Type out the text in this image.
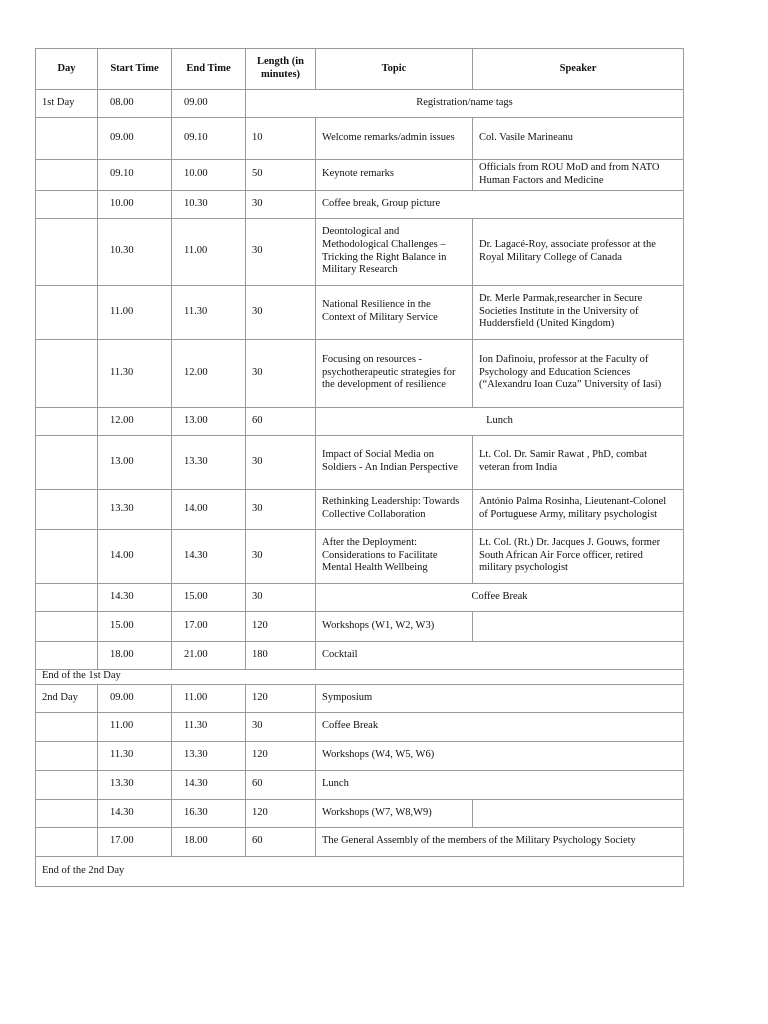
Day	Start Time	End Time	Length (in minutes)	Topic	Speaker
1st Day	08.00	09.00	Registration/name tags		
	09.00	09.10	10	Welcome remarks/admin issues	Col. Vasile Marineanu
	09.10	10.00	50	Keynote remarks	Officials from ROU MoD and from NATO Human Factors and Medicine
	10.00	10.30	30	Coffee break, Group picture	
	10.30	11.00	30	Deontological and Methodological Challenges – Tricking the Right Balance in Military Research	Dr. Lagacé-Roy, associate professor at the Royal Military College of Canada
	11.00	11.30	30	National Resilience in the Context of Military Service	Dr. Merle Parmak,researcher in Secure Societies Institute in the University of Huddersfield (United Kingdom)
	11.30	12.00	30	Focusing on resources - psychotherapeutic strategies for the development of resilience	Ion Dafinoiu, professor at the Faculty of Psychology and Education Sciences (“Alexandru Ioan Cuza” University of Iasi)
	12.00	13.00	60	Lunch	
	13.00	13.30	30	Impact of Social Media on Soldiers - An Indian Perspective	Lt. Col. Dr. Samir Rawat , PhD, combat veteran from India
	13.30	14.00	30	Rethinking Leadership: Towards Collective Collaboration	António Palma Rosinha, Lieutenant-Colonel of Portuguese Army, military psychologist
	14.00	14.30	30	After the Deployment: Considerations to Facilitate Mental Health Wellbeing	Lt. Col. (Rt.) Dr. Jacques J. Gouws, former South African Air Force officer, retired military psychologist
	14.30	15.00	30	Coffee Break	
	15.00	17.00	120	Workshops (W1, W2, W3)	
	18.00	21.00	180	Cocktail	
End of the 1st Day					
2nd Day	09.00	11.00	120	Symposium	
	11.00	11.30	30	Coffee Break	
	11.30	13.30	120	Workshops (W4, W5, W6)	
	13.30	14.30	60	Lunch	
	14.30	16.30	120	Workshops (W7, W8,W9)	
	17.00	18.00	60	The General Assembly of the members of the Military Psychology Society	
End of the 2nd Day					
